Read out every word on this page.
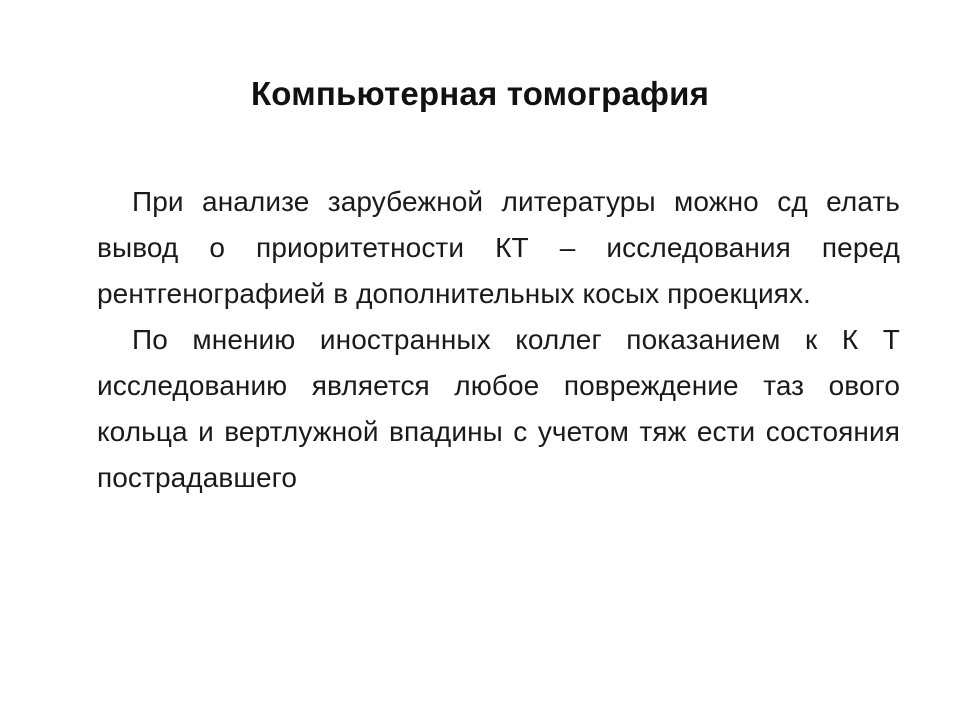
Компьютерная томография

При анализе зарубежной литературы можно сд елать вывод о приоритетности КТ – исследования перед рентгенографией в дополнительных косых проекциях.

По мнению иностранных коллег показанием к К Т исследованию является любое повреждение таз ового кольца и вертлужной впадины с учетом тяж ести состояния пострадавшего
